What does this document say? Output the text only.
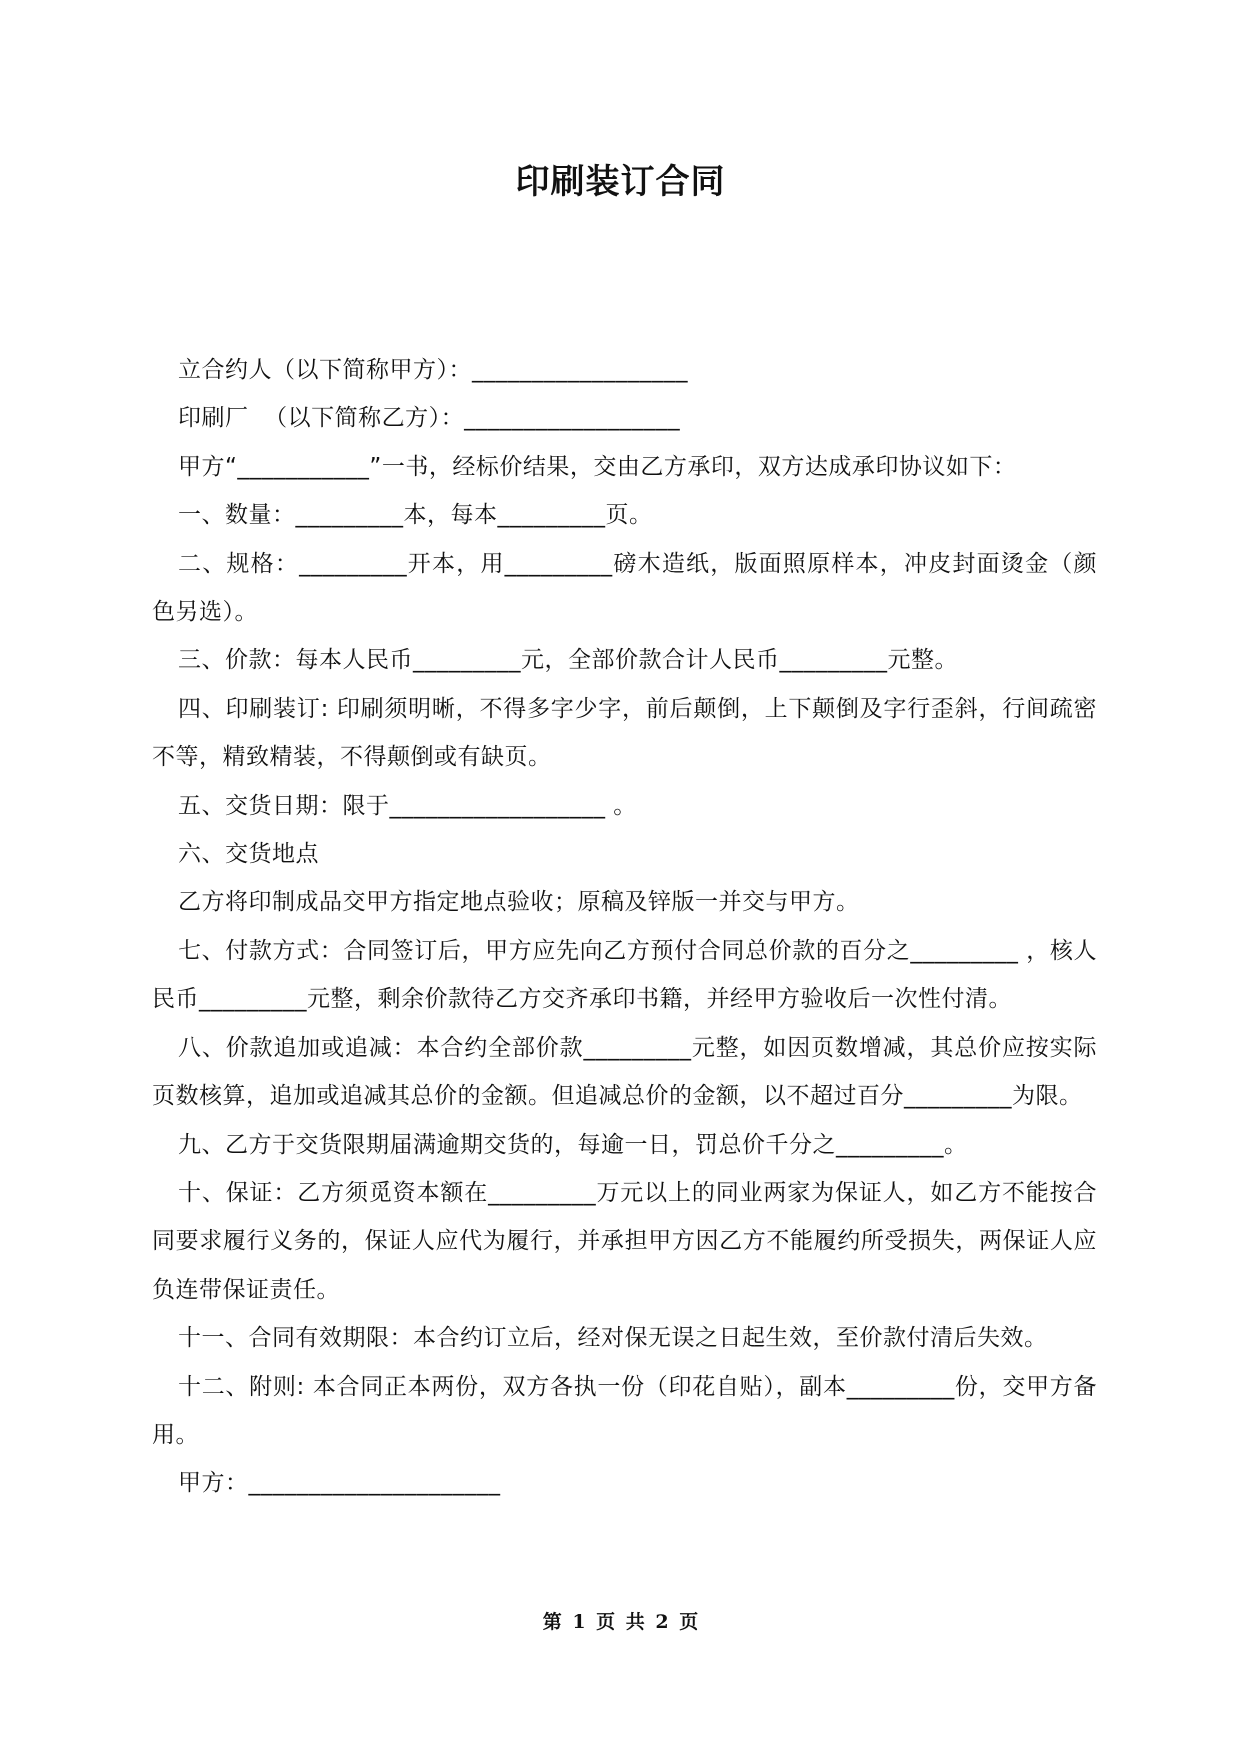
印刷装订合同

立合约人（以下简称甲方）：__________________

印刷厂  （以下简称乙方）：__________________

甲方“___________”一书，经标价结果，交由乙方承印，双方达成承印协议如下：

一、数量：_________本，每本_________页。

二、规格：_________开本，用_________磅木造纸，版面照原样本，冲皮封面烫金（颜色另选）。

三、价款：每本人民币_________元，全部价款合计人民币_________元整。

四、印刷装订: 印刷须明晰，不得多字少字，前后颠倒，上下颠倒及字行歪斜，行间疏密不等，精致精装，不得颠倒或有缺页。

五、交货日期：限于__________________ 。

六、交货地点

乙方将印制成品交甲方指定地点验收；原稿及锌版一并交与甲方。

七、付款方式：合同签订后，甲方应先向乙方预付合同总价款的百分之_________ ，核人民币_________元整，剩余价款待乙方交齐承印书籍，并经甲方验收后一次性付清。

八、价款追加或追减：本合约全部价款_________元整，如因页数增减，其总价应按实际页数核算，追加或追减其总价的金额。但追减总价的金额，以不超过百分_________为限。

九、乙方于交货限期届满逾期交货的，每逾一日，罚总价千分之_________。

十、保证：乙方须觅资本额在_________万元以上的同业两家为保证人，如乙方不能按合同要求履行义务的，保证人应代为履行，并承担甲方因乙方不能履约所受损失，两保证人应负连带保证责任。

十一、合同有效期限：本合约订立后，经对保无误之日起生效，至价款付清后失效。

十二、附则: 本合同正本两份，双方各执一份（印花自贴），副本_________份，交甲方备用。

甲方：_____________________

第 1 页 共 2 页
